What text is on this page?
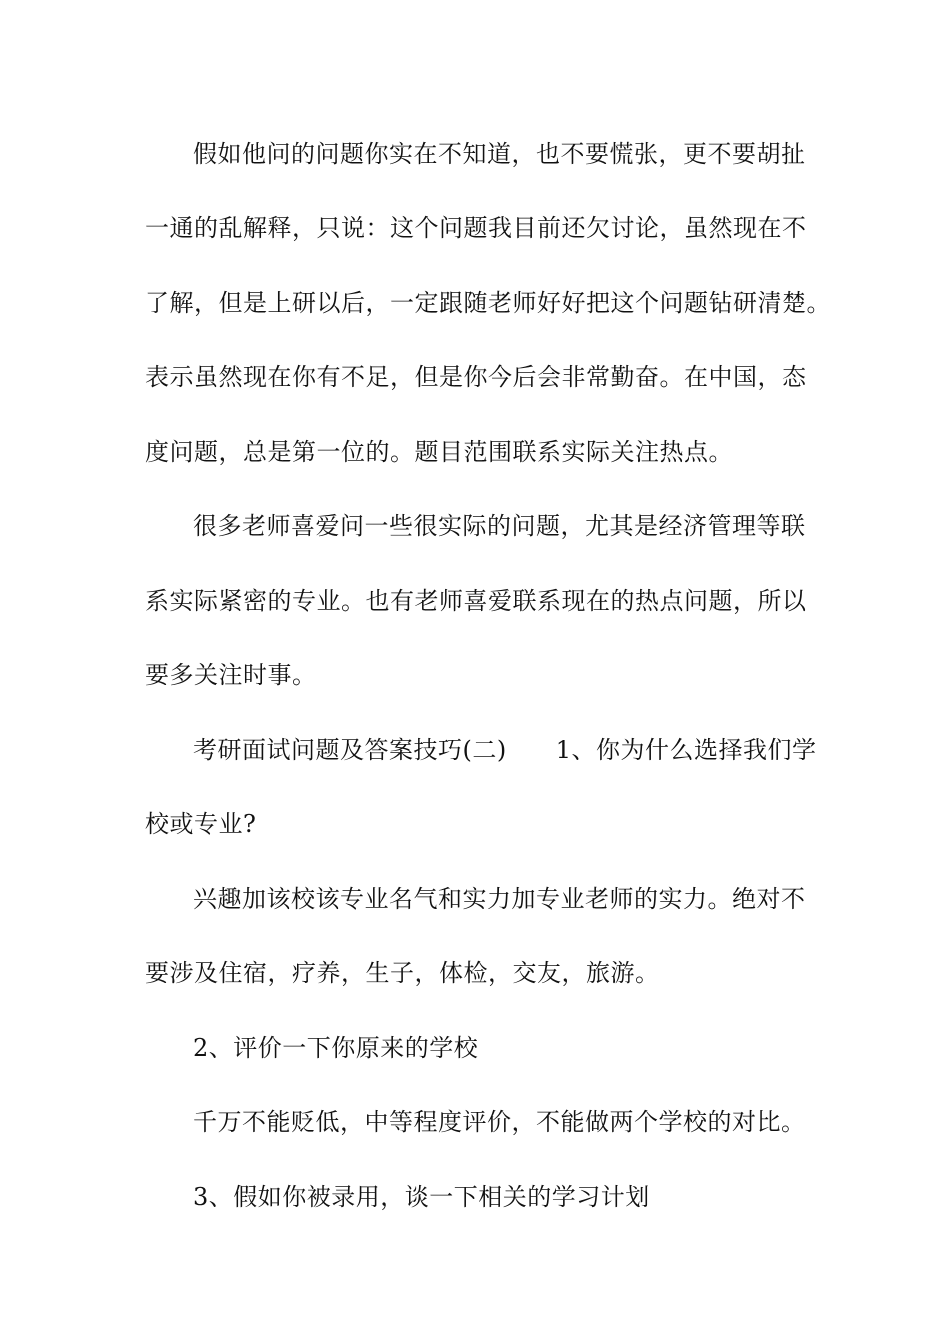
假如他问的问题你实在不知道，也不要慌张，更不要胡扯
一通的乱解释，只说：这个问题我目前还欠讨论，虽然现在不
了解，但是上研以后，一定跟随老师好好把这个问题钻研清楚。
表示虽然现在你有不足，但是你今后会非常勤奋。在中国，态
度问题，总是第一位的。题目范围联系实际关注热点。
很多老师喜爱问一些很实际的问题，尤其是经济管理等联
系实际紧密的专业。也有老师喜爱联系现在的热点问题，所以
要多关注时事。
考研面试问题及答案技巧(二)　　1、你为什么选择我们学
校或专业?
兴趣加该校该专业名气和实力加专业老师的实力。绝对不
要涉及住宿，疗养，生子，体检，交友，旅游。
2、评价一下你原来的学校
千万不能贬低，中等程度评价，不能做两个学校的对比。
3、假如你被录用，谈一下相关的学习计划
